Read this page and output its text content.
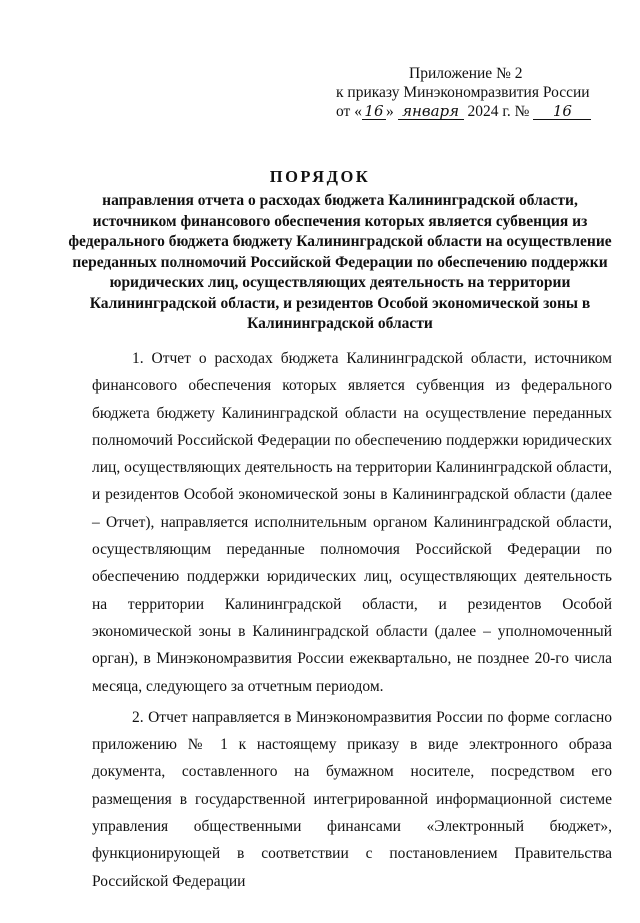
Приложение № 2
к приказу Минэкономразвития России
от « 16 » января 2024 г. № 16
ПОРЯДОК
направления отчета о расходах бюджета Калининградской области, источником финансового обеспечения которых является субвенция из федерального бюджета бюджету Калининградской области на осуществление переданных полномочий Российской Федерации по обеспечению поддержки юридических лиц, осуществляющих деятельность на территории Калининградской области, и резидентов Особой экономической зоны в Калининградской области

1. Отчет о расходах бюджета Калининградской области, источником финансового обеспечения которых является субвенция из федерального бюджета бюджету Калининградской области на осуществление переданных полномочий Российской Федерации по обеспечению поддержки юридических лиц, осуществляющих деятельность на территории Калининградской области, и резидентов Особой экономической зоны в Калининградской области (далее – Отчет), направляется исполнительным органом Калининградской области, осуществляющим переданные полномочия Российской Федерации по обеспечению поддержки юридических лиц, осуществляющих деятельность на территории Калининградской области, и резидентов Особой экономической зоны в Калининградской области (далее – уполномоченный орган), в Минэкономразвития России ежеквартально, не позднее 20-го числа месяца, следующего за отчетным периодом.

2. Отчет направляется в Минэкономразвития России по форме согласно приложению № 1 к настоящему приказу в виде электронного образа документа, составленного на бумажном носителе, посредством его размещения в государственной интегрированной информационной системе управления общественными финансами «Электронный бюджет», функционирующей в соответствии с постановлением Правительства Российской Федерации
